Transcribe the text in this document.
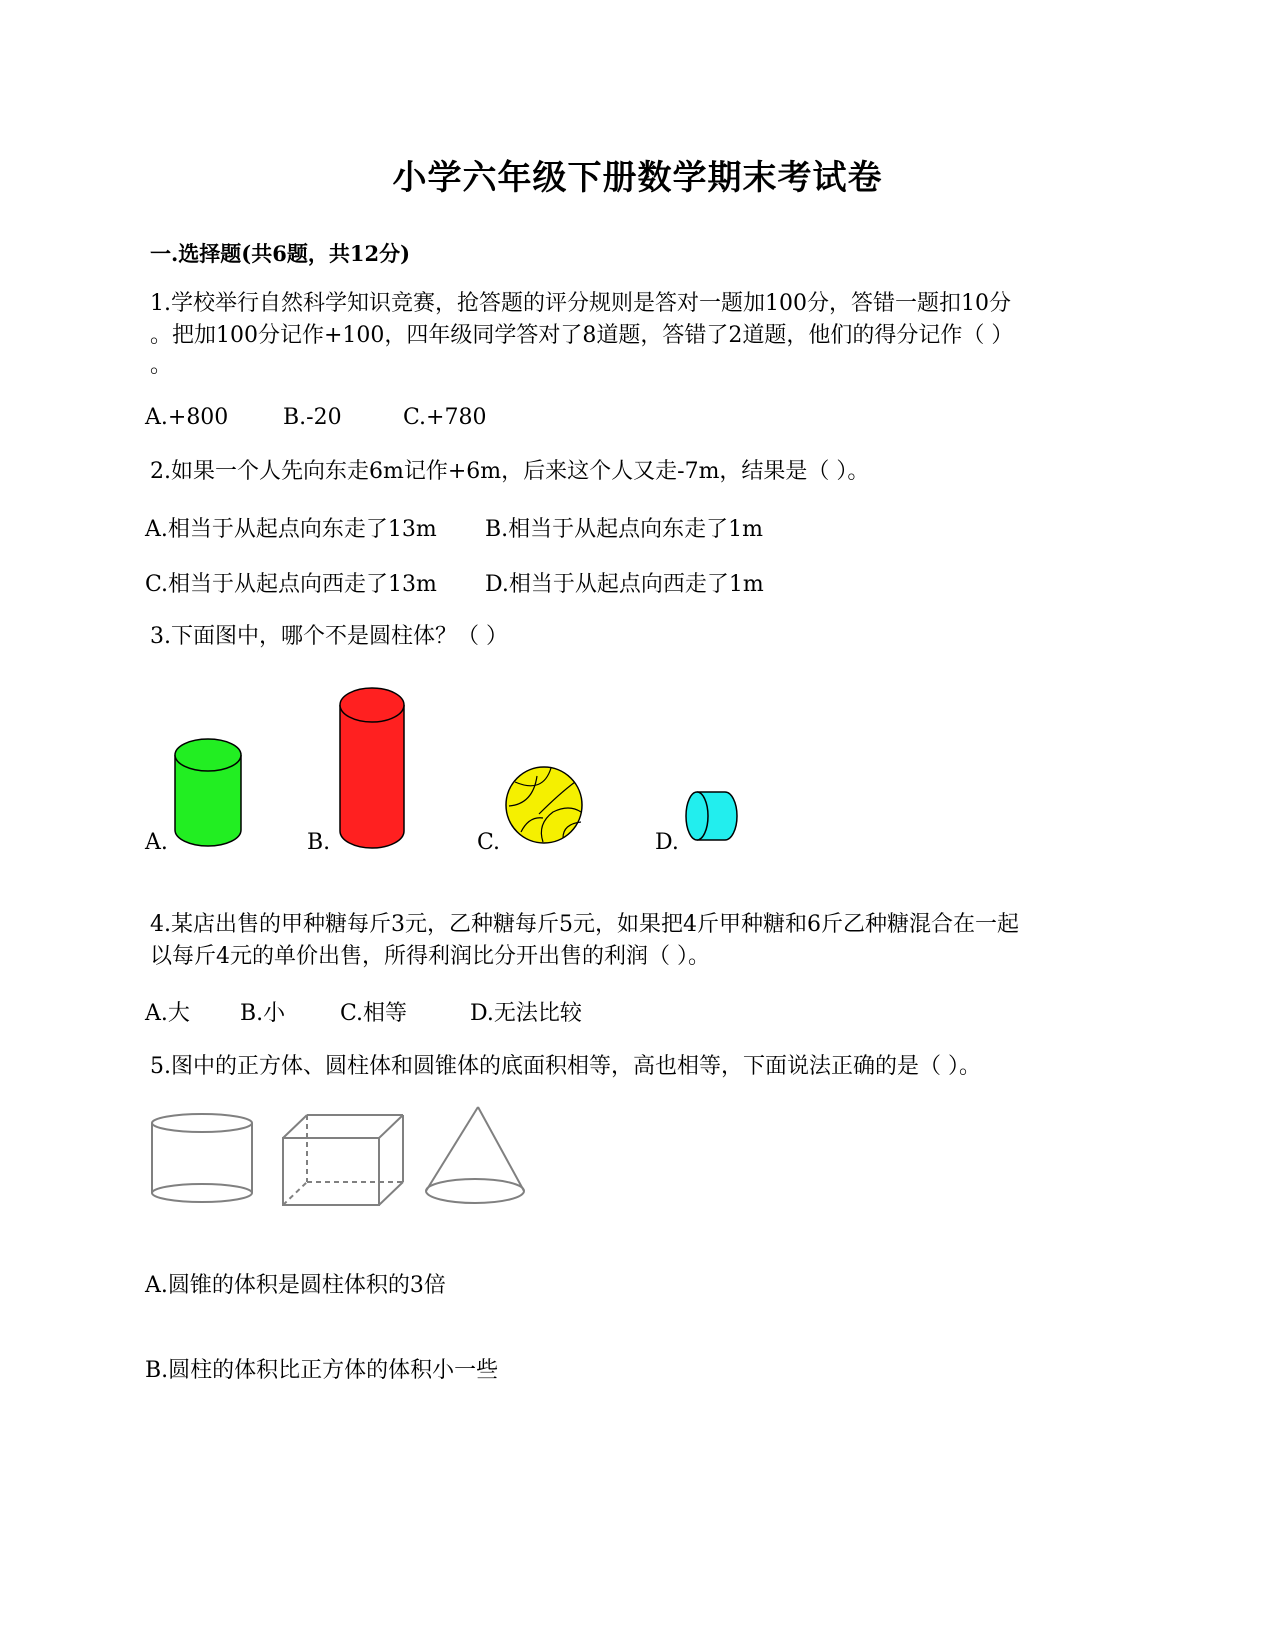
小学六年级下册数学期末考试卷
一.选择题(共6题，共12分)
1.学校举行自然科学知识竞赛，抢答题的评分规则是答对一题加100分，答错一题扣10分
。把加100分记作+100，四年级同学答对了8道题，答错了2道题，他们的得分记作（ ）
。
A.+800 B.-20	C.+780
2.如果一个人先向东走6m记作+6m，后来这个人又走-7m，结果是（ ）。
A.相当于从起点向东走了13m B.相当于从起点向东走了1m
C.相当于从起点向西走了13m D.相当于从起点向西走了1m
3.下面图中，哪个不是圆柱体？（ ）
A.	B.	C.	D.
4.某店出售的甲种糖每斤3元，乙种糖每斤5元，如果把4斤甲种糖和6斤乙种糖混合在一起
以每斤4元的单价出售，所得利润比分开出售的利润（ ）。
A.大 B.小 C.相等	D.无法比较
5.图中的正方体、圆柱体和圆锥体的底面积相等，高也相等，下面说法正确的是（ ）。
A.圆锥的体积是圆柱体积的3倍
B.圆柱的体积比正方体的体积小一些
